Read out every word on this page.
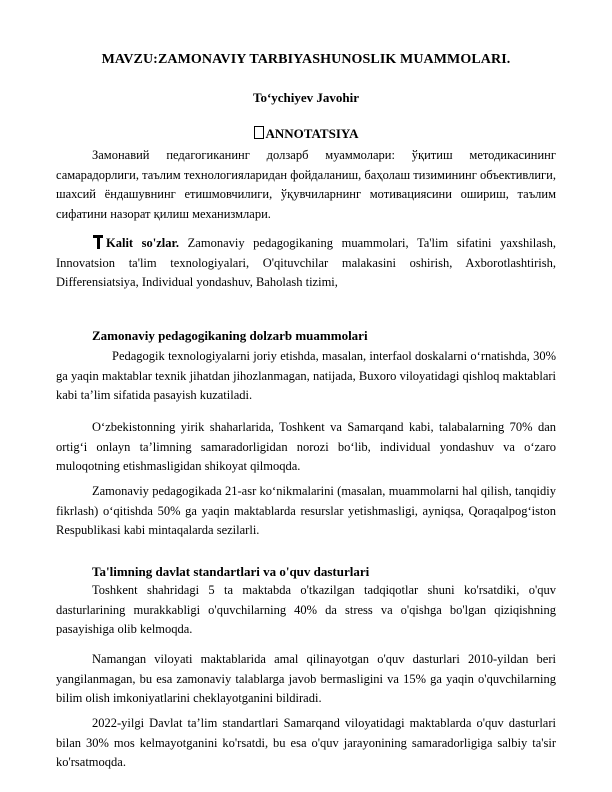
MAVZU:ZAMONAVIY TARBIYASHUNOSLIK MUAMMOLARI.
To‘ychiyev Javohir
ANNOTATSIYA

Замонавий педагогиканинг долзарб муаммолари: ўқитиш методикасининг самарадорлиги, таълим технологияларидан фойдаланиш, баҳолаш тизимининг объективлиги, шахсий ёндашувнинг етишмовчилиги, ўқувчиларнинг мотивациясини ошириш, таълим сифатини назорат қилиш механизмлари.

Kalit so'zlar. Zamonaviy pedagogikaning muammolari, Ta'lim sifatini yaxshilash, Innovatsion ta'lim texnologiyalari, O'qituvchilar malakasini oshirish, Axborotlashtirish, Differensiatsiya, Individual yondashuv, Baholash tizimi,

Zamonaviy pedagogikaning dolzarb muammolari

Pedagogik texnologiyalarni joriy etishda, masalan, interfaol doskalarni o‘rnatishda, 30% ga yaqin maktablar texnik jihatdan jihozlanmagan, natijada, Buxoro viloyatidagi qishloq maktablari kabi ta’lim sifatida pasayish kuzatiladi.

O‘zbekistonning yirik shaharlarida, Toshkent va Samarqand kabi, talabalarning 70% dan ortig‘i onlayn ta’limning samaradorligidan norozi bo‘lib, individual yondashuv va o‘zaro muloqotning etishmasligidan shikoyat qilmoqda.

Zamonaviy pedagogikada 21-asr ko‘nikmalarini (masalan, muammolarni hal qilish, tanqidiy fikrlash) o‘qitishda 50% ga yaqin maktablarda resurslar yetishmasligi, ayniqsa, Qoraqalpog‘iston Respublikasi kabi mintaqalarda sezilarli.

Ta'limning davlat standartlari va o'quv dasturlari

Toshkent shahridagi 5 ta maktabda o'tkazilgan tadqiqotlar shuni ko'rsatdiki, o'quv dasturlarining murakkabligi o'quvchilarning 40% da stress va o'qishga bo'lgan qiziqishning pasayishiga olib kelmoqda.

Namangan viloyati maktablarida amal qilinayotgan o'quv dasturlari 2010-yildan beri yangilanmagan, bu esa zamonaviy talablarga javob bermasligini va 15% ga yaqin o'quvchilarning bilim olish imkoniyatlarini cheklayotganini bildiradi.

2022-yilgi Davlat ta’lim standartlari Samarqand viloyatidagi maktablarda o'quv dasturlari bilan 30% mos kelmayotganini ko'rsatdi, bu esa o'quv jarayonining samaradorligiga salbiy ta'sir ko'rsatmoqda.
